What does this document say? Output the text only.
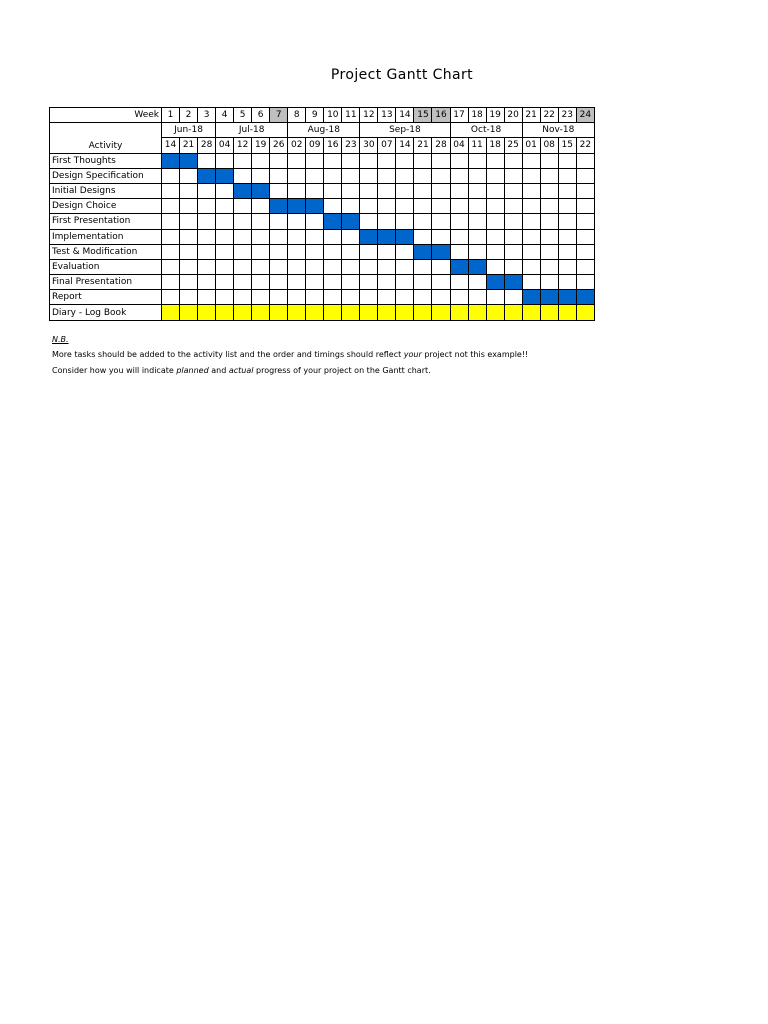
Project Gantt Chart
Week	1	2	3	4	5	6	7	8	9	10	11	12	13	14	15	16	17	18	19	20	21	22	23	24
Activity	Jun-18			Jul-18				Aug-18				Sep-18					Oct-18				Nov-18			
	14	21	28	04	12	19	26	02	09	16	23	30	07	14	21	28	04	11	18	25	01	08	15	22
First Thoughts																								
Design Specification																								
Initial Designs																								
Design Choice																								
First Presentation																								
Implementation																								
Test & Modification																								
Evaluation																								
Final Presentation																								
Report																								
Diary - Log Book																								
N.B.
More tasks should be added to the activity list and the order and timings should reflect your project not this example!!
Consider how you will indicate planned and actual progress of your project on the Gantt chart.
